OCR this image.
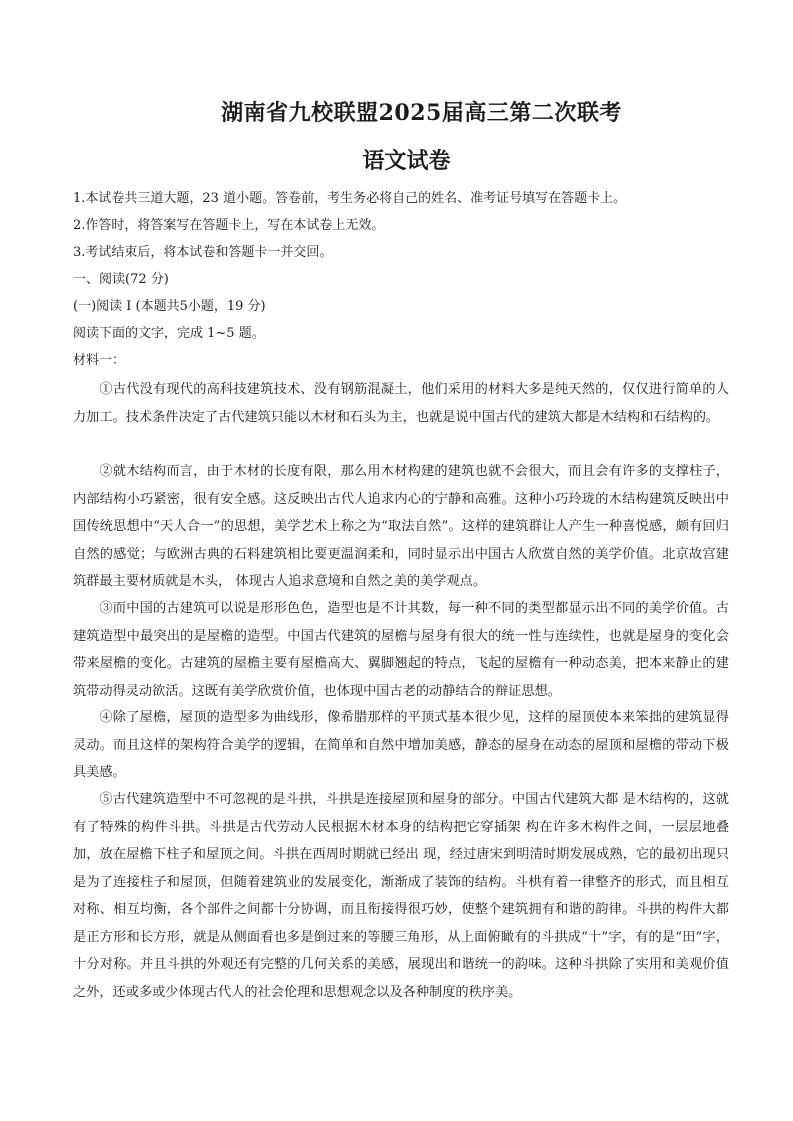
湖南省九校联盟2025届高三第二次联考
语文试卷
1.本试卷共三道大题，23 道小题。答卷前，考生务必将自己的姓名、准考证号填写在答题卡上。
2.作答时，将答案写在答题卡上，写在本试卷上无效。
3.考试结束后，将本试卷和答题卡一并交回。
一、阅读(72 分)
(一)阅读 I (本题共5小题，19 分)
阅读下面的文字，完成 1~5 题。
材料一：
①古代没有现代的高科技建筑技术、没有钢筋混凝土，他们采用的材料大多是纯天然的，仅仅进行简单的人力加工。技术条件决定了古代建筑只能以木材和石头为主，也就是说中国古代的建筑大都是木结构和石结构的。
②就木结构而言，由于木材的长度有限，那么用木材构建的建筑也就不会很大，而且会有许多的支撑柱子，内部结构小巧紧密，很有安全感。这反映出古代人追求内心的宁静和高雅。这种小巧玲珑的木结构建筑反映出中国传统思想中“天人合一”的思想，美学艺术上称之为“取法自然”。这样的建筑群让人产生一种喜悦感，颇有回归自然的感觉；与欧洲古典的石料建筑相比要更温润柔和，同时显示出中国古人欣赏自然的美学价值。北京故宫建筑群最主要材质就是木头， 体现古人追求意境和自然之美的美学观点。
③而中国的古建筑可以说是形形色色，造型也是不计其数，每一种不同的类型都显示出不同的美学价值。古建筑造型中最突出的是屋檐的造型。中国古代建筑的屋檐与屋身有很大的统一性与连续性，也就是屋身的变化会带来屋檐的变化。古建筑的屋檐主要有屋檐高大、翼脚翘起的特点，飞起的屋檐有一种动态美，把本来静止的建筑带动得灵动欲活。这既有美学欣赏价值，也体现中国古老的动静结合的辩证思想。
④除了屋檐，屋顶的造型多为曲线形，像希腊那样的平顶式基本很少见，这样的屋顶使本来笨拙的建筑显得灵动。而且这样的架构符合美学的逻辑，在简单和自然中增加美感，静态的屋身在动态的屋顶和屋檐的带动下极具美感。
⑤古代建筑造型中不可忽视的是斗拱，斗拱是连接屋顶和屋身的部分。中国古代建筑大都 是木结构的，这就有了特殊的构件斗拱。斗拱是古代劳动人民根据木材本身的结构把它穿插架 构在许多木构件之间，一层层地叠加，放在屋檐下柱子和屋顶之间。斗拱在西周时期就已经出 现，经过唐宋到明清时期发展成熟，它的最初出现只是为了连接柱子和屋顶，但随着建筑业的发展变化，渐渐成了装饰的结构。斗栱有着一律整齐的形式，而且相互对称、相互均衡，各个部件之间都十分协调，而且衔接得很巧妙，使整个建筑拥有和谐的韵律。斗拱的构件大都是正方形和长方形，就是从侧面看也多是倒过来的等腰三角形，从上面俯瞰有的斗拱成“十”字，有的是“田”字， 十分对称。并且斗拱的外观还有完整的几何关系的美感，展现出和谐统一的韵味。这种斗拱除了实用和美观价值之外，还或多或少体现古代人的社会伦理和思想观念以及各种制度的秩序美。
